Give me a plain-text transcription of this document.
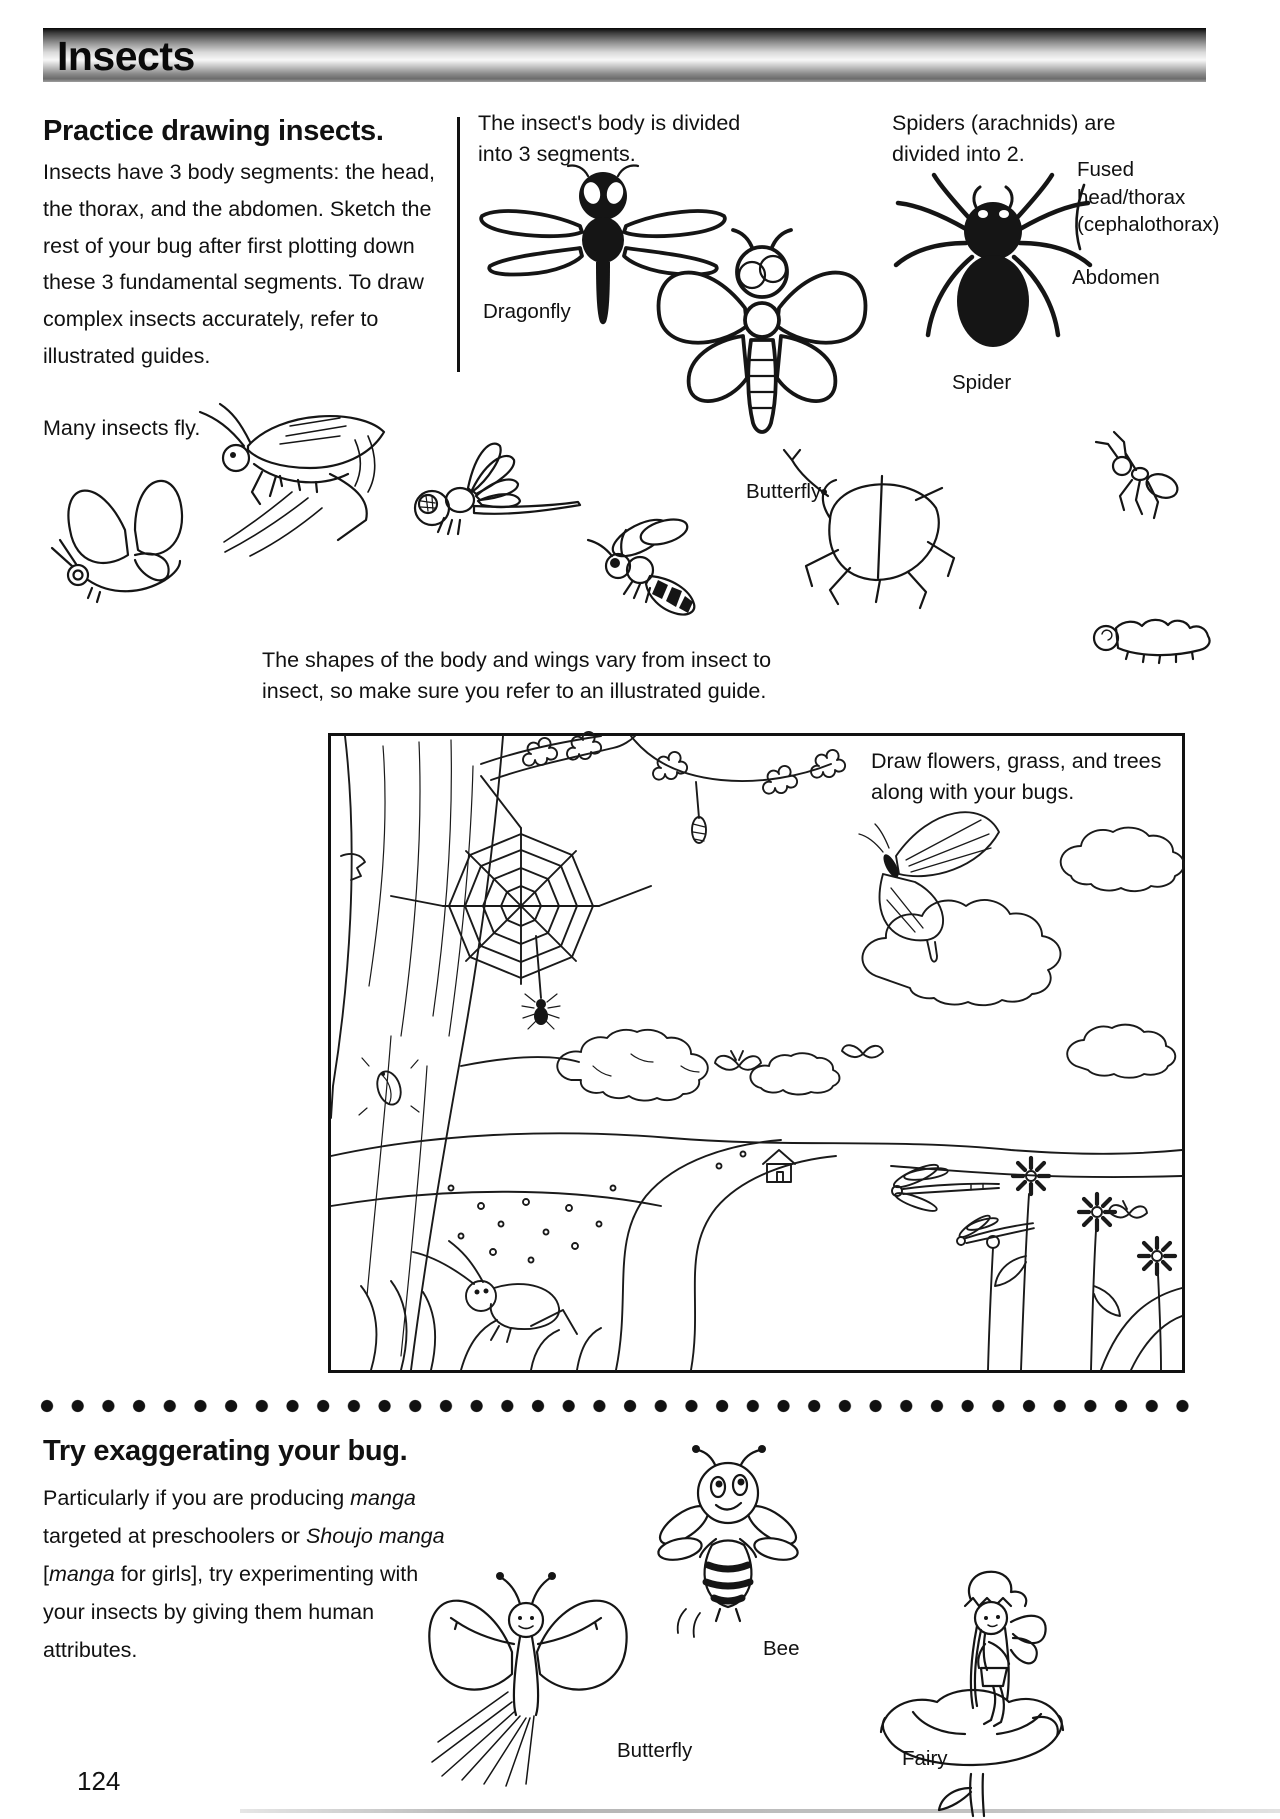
Insects
Practice drawing insects.

Insects have 3 body segments: the head, the thorax, and the abdomen. Sketch the rest of your bug after first plotting down these 3 fundamental segments. To draw complex insects accurately, refer to illustrated guides.

Many insects fly.

The insect's body is divided into 3 segments.

Spiders (arachnids) are divided into 2.

Dragonfly
Butterfly
Spider
Fused head/thorax (cephalothorax)
Abdomen

The shapes of the body and wings vary from insect to insect, so make sure you refer to an illustrated guide.

Draw flowers, grass, and trees along with your bugs.

Try exaggerating your bug.

Particularly if you are producing manga targeted at preschoolers or Shoujo manga [manga for girls], try experimenting with your insects by giving them human attributes.	Bee
Butterfly	Fairy
124
